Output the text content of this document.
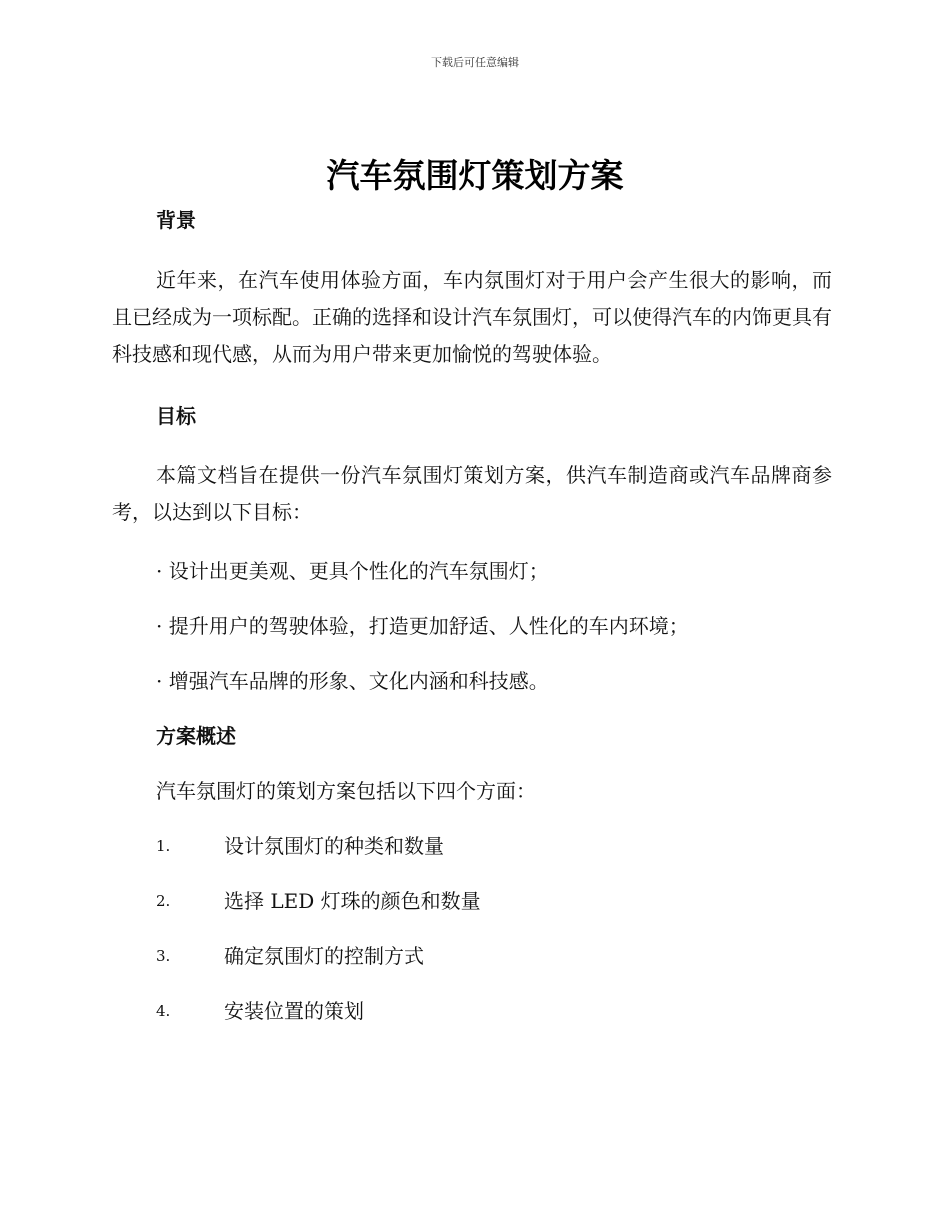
下载后可任意编辑
汽车氛围灯策划方案

背景

近年来，在汽车使用体验方面，车内氛围灯对于用户会产生很大的影响，而且已经成为一项标配。正确的选择和设计汽车氛围灯，可以使得汽车的内饰更具有科技感和现代感，从而为用户带来更加愉悦的驾驶体验。

目标

本篇文档旨在提供一份汽车氛围灯策划方案，供汽车制造商或汽车品牌商参考，以达到以下目标：

· 设计出更美观、更具个性化的汽车氛围灯；

· 提升用户的驾驶体验，打造更加舒适、人性化的车内环境；

· 增强汽车品牌的形象、文化内涵和科技感。

方案概述

汽车氛围灯的策划方案包括以下四个方面：

1.	设计氛围灯的种类和数量
2.	选择 LED 灯珠的颜色和数量
3.	确定氛围灯的控制方式
4.	安装位置的策划
